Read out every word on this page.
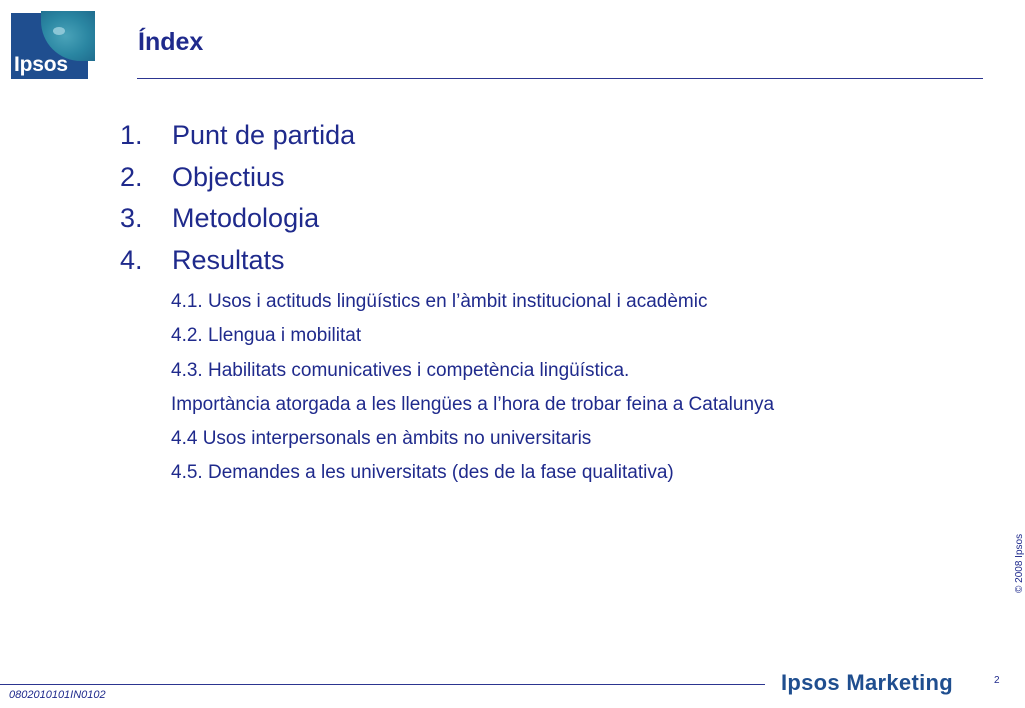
Ipsos
Índex
1. Punt de partida
2. Objectius
3. Metodologia
4. Resultats
4.1. Usos i actituds lingüístics en l’àmbit institucional i acadèmic
4.2. Llengua i mobilitat
4.3. Habilitats comunicatives i competència lingüística.
Importància atorgada a les llengües a l’hora de trobar feina a Catalunya
4.4 Usos interpersonals en àmbits no universitaris
4.5. Demandes a les universitats (des de la fase qualitativa)
© 2008 Ipsos
2
0802010101IN0102	Ipsos Marketing
